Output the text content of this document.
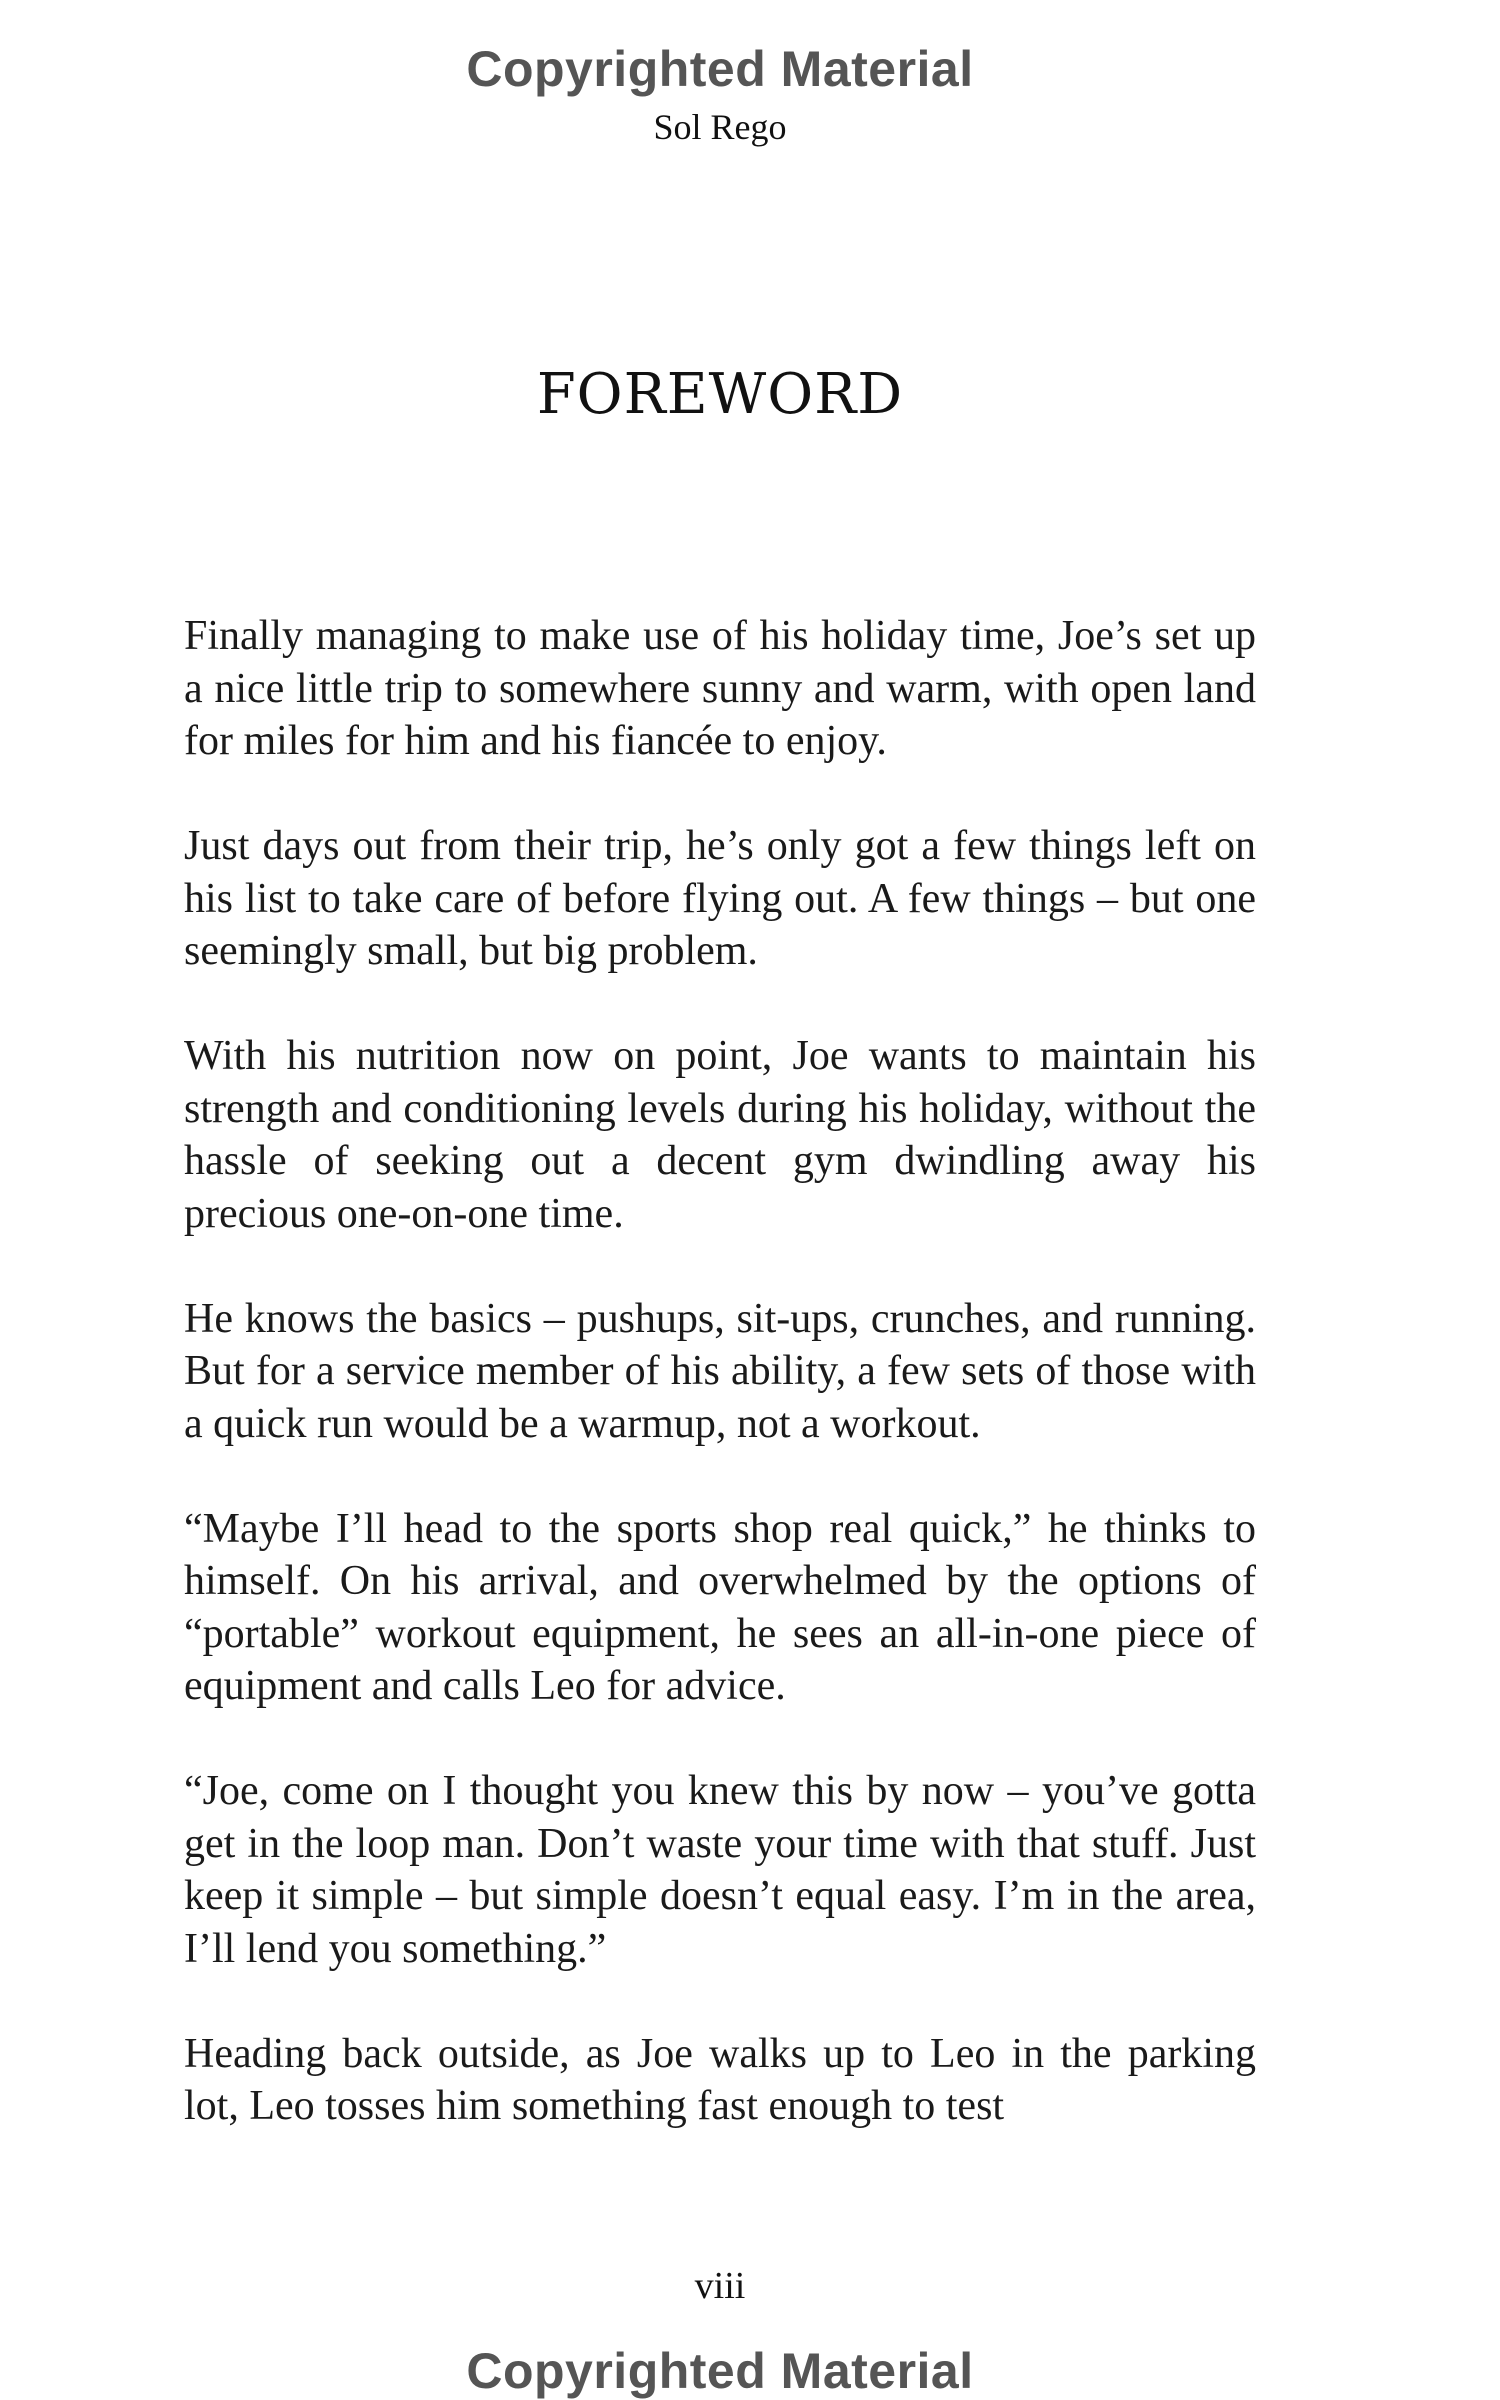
Copyrighted Material
Sol Rego
FOREWORD

Finally managing to make use of his holiday time, Joe’s set up a nice little trip to somewhere sunny and warm, with open land for miles for him and his fiancée to enjoy.

Just days out from their trip, he’s only got a few things left on his list to take care of before flying out. A few things – but one seemingly small, but big problem.

With his nutrition now on point, Joe wants to maintain his strength and conditioning levels during his holiday, without the hassle of seeking out a decent gym dwindling away his precious one-on-one time.

He knows the basics – pushups, sit-ups, crunches, and running. But for a service member of his ability, a few sets of those with a quick run would be a warmup, not a workout.

“Maybe I’ll head to the sports shop real quick,” he thinks to himself. On his arrival, and overwhelmed by the options of “portable” workout equipment, he sees an all-in-one piece of equipment and calls Leo for advice.

“Joe, come on I thought you knew this by now – you’ve gotta get in the loop man. Don’t waste your time with that stuff. Just keep it simple – but simple doesn’t equal easy. I’m in the area, I’ll lend you something.”

Heading back outside, as Joe walks up to Leo in the parking lot, Leo tosses him something fast enough to test

viii
Copyrighted Material
